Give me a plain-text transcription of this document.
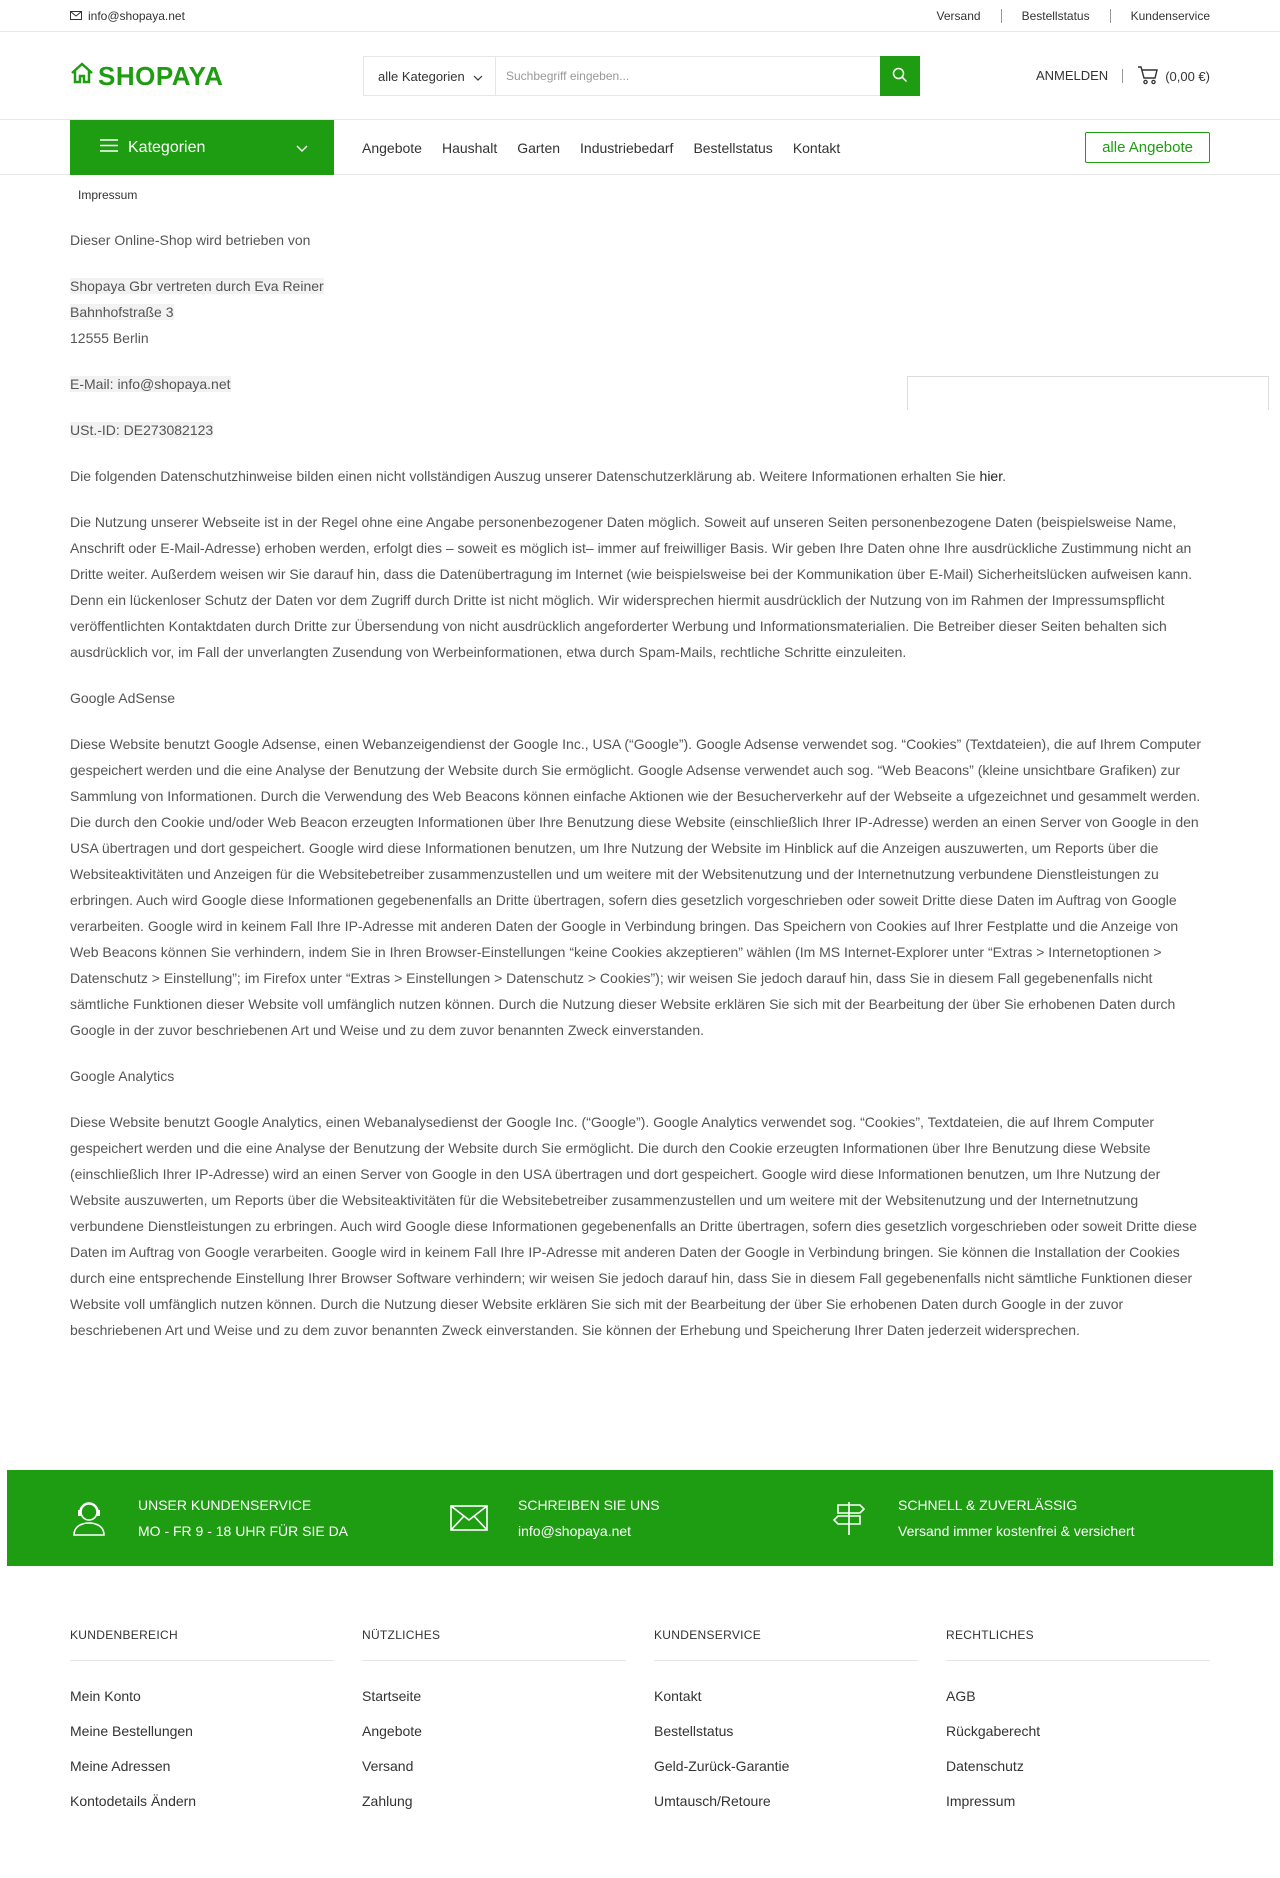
info@shopaya.net	Versand	Bestellstatus	Kundenservice
SHOPAYA	alle Kategorien
Suchbegriff eingeben...	ANMELDEN	(0,00 €)
Kategorien	Angebote Haushalt Garten Industriebedarf Bestellstatus Kontakt	alle Angebote
Impressum

Dieser Online-Shop wird betrieben von

Shopaya Gbr vertreten durch Eva Reiner
Bahnhofstraße 3
12555 Berlin

E-Mail: info@shopaya.net

USt.-ID: DE273082123

Die folgenden Datenschutzhinweise bilden einen nicht vollständigen Auszug unserer Datenschutzerklärung ab. Weitere Informationen erhalten Sie hier.

Die Nutzung unserer Webseite ist in der Regel ohne eine Angabe personenbezogener Daten möglich. Soweit auf unseren Seiten personenbezogene Daten (beispielsweise Name, Anschrift oder E-Mail-Adresse) erhoben werden, erfolgt dies – soweit es möglich ist– immer auf freiwilliger Basis. Wir geben Ihre Daten ohne Ihre ausdrückliche Zustimmung nicht an Dritte weiter. Außerdem weisen wir Sie darauf hin, dass die Datenübertragung im Internet (wie beispielsweise bei der Kommunikation über E-Mail) Sicherheitslücken aufweisen kann. Denn ein lückenloser Schutz der Daten vor dem Zugriff durch Dritte ist nicht möglich. Wir widersprechen hiermit ausdrücklich der Nutzung von im Rahmen der Impressumspflicht veröffentlichten Kontaktdaten durch Dritte zur Übersendung von nicht ausdrücklich angeforderter Werbung und Informationsmaterialien. Die Betreiber dieser Seiten behalten sich ausdrücklich vor, im Fall der unverlangten Zusendung von Werbeinformationen, etwa durch Spam-Mails, rechtliche Schritte einzuleiten.

Google AdSense

Diese Website benutzt Google Adsense, einen Webanzeigendienst der Google Inc., USA (“Google”). Google Adsense verwendet sog. “Cookies” (Textdateien), die auf Ihrem Computer gespeichert werden und die eine Analyse der Benutzung der Website durch Sie ermöglicht. Google Adsense verwendet auch sog. “Web Beacons” (kleine unsichtbare Grafiken) zur Sammlung von Informationen. Durch die Verwendung des Web Beacons können einfache Aktionen wie der Besucherverkehr auf der Webseite a ufgezeichnet und gesammelt werden. Die durch den Cookie und/oder Web Beacon erzeugten Informationen über Ihre Benutzung diese Website (einschließlich Ihrer IP-Adresse) werden an einen Server von Google in den USA übertragen und dort gespeichert. Google wird diese Informationen benutzen, um Ihre Nutzung der Website im Hinblick auf die Anzeigen auszuwerten, um Reports über die Websiteaktivitäten und Anzeigen für die Websitebetreiber zusammenzustellen und um weitere mit der Websitenutzung und der Internetnutzung verbundene Dienstleistungen zu erbringen. Auch wird Google diese Informationen gegebenenfalls an Dritte übertragen, sofern dies gesetzlich vorgeschrieben oder soweit Dritte diese Daten im Auftrag von Google verarbeiten. Google wird in keinem Fall Ihre IP-Adresse mit anderen Daten der Google in Verbindung bringen. Das Speichern von Cookies auf Ihrer Festplatte und die Anzeige von Web Beacons können Sie verhindern, indem Sie in Ihren Browser-Einstellungen “keine Cookies akzeptieren” wählen (Im MS Internet-Explorer unter “Extras > Internetoptionen > Datenschutz > Einstellung”; im Firefox unter “Extras > Einstellungen > Datenschutz > Cookies”); wir weisen Sie jedoch darauf hin, dass Sie in diesem Fall gegebenenfalls nicht sämtliche Funktionen dieser Website voll umfänglich nutzen können. Durch die Nutzung dieser Website erklären Sie sich mit der Bearbeitung der über Sie erhobenen Daten durch Google in der zuvor beschriebenen Art und Weise und zu dem zuvor benannten Zweck einverstanden.

Google Analytics

Diese Website benutzt Google Analytics, einen Webanalysedienst der Google Inc. (“Google”). Google Analytics verwendet sog. “Cookies”, Textdateien, die auf Ihrem Computer gespeichert werden und die eine Analyse der Benutzung der Website durch Sie ermöglicht. Die durch den Cookie erzeugten Informationen über Ihre Benutzung diese Website (einschließlich Ihrer IP-Adresse) wird an einen Server von Google in den USA übertragen und dort gespeichert. Google wird diese Informationen benutzen, um Ihre Nutzung der Website auszuwerten, um Reports über die Websiteaktivitäten für die Websitebetreiber zusammenzustellen und um weitere mit der Websitenutzung und der Internetnutzung verbundene Dienstleistungen zu erbringen. Auch wird Google diese Informationen gegebenenfalls an Dritte übertragen, sofern dies gesetzlich vorgeschrieben oder soweit Dritte diese Daten im Auftrag von Google verarbeiten. Google wird in keinem Fall Ihre IP-Adresse mit anderen Daten der Google in Verbindung bringen. Sie können die Installation der Cookies durch eine entsprechende Einstellung Ihrer Browser Software verhindern; wir weisen Sie jedoch darauf hin, dass Sie in diesem Fall gegebenenfalls nicht sämtliche Funktionen dieser Website voll umfänglich nutzen können. Durch die Nutzung dieser Website erklären Sie sich mit der Bearbeitung der über Sie erhobenen Daten durch Google in der zuvor beschriebenen Art und Weise und zu dem zuvor benannten Zweck einverstanden. Sie können der Erhebung und Speicherung Ihrer Daten jederzeit widersprechen.

UNSER KUNDENSERVICE
MO - FR 9 - 18 UHR FÜR SIE DA
SCHREIBEN SIE UNS
info@shopaya.net
SCHNELL & ZUVERLÄSSIG
Versand immer kostenfrei & versichert
KUNDENBEREICH
Mein Konto
Meine Bestellungen
Meine Adressen
Kontodetails Ändern
NÜTZLICHES
Startseite
Angebote
Versand
Zahlung
KUNDENSERVICE
Kontakt
Bestellstatus
Geld-Zurück-Garantie
Umtausch/Retoure
RECHTLICHES
AGB
Rückgaberecht
Datenschutz
Impressum
